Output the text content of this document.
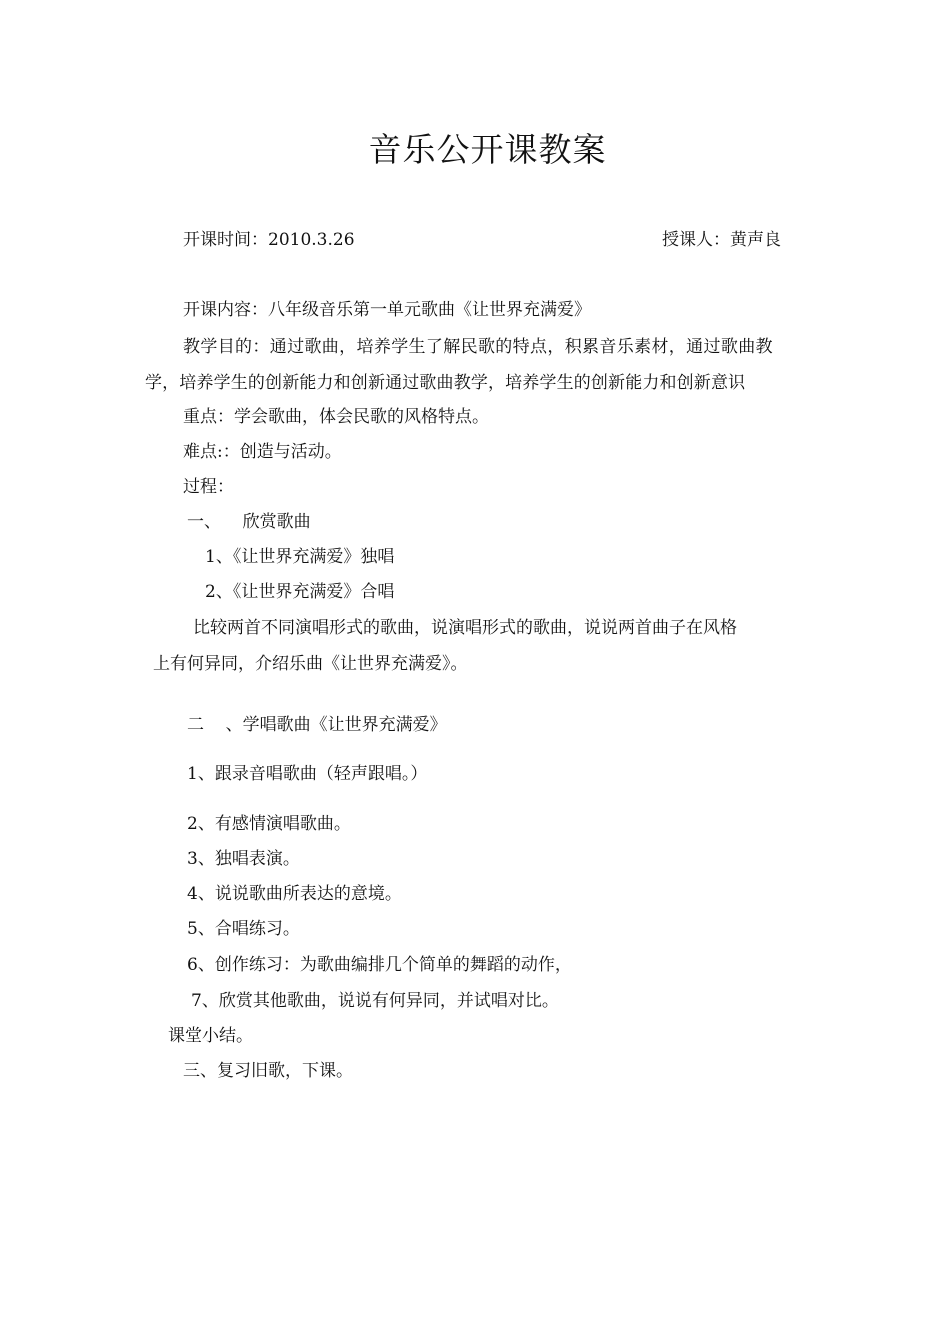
音乐公开课教案
开课时间：2010.3.26	授课人：黄声良
开课内容：八年级音乐第一单元歌曲《让世界充满爱》
教学目的：通过歌曲，培养学生了解民歌的特点，积累音乐素材，通过歌曲教
学，培养学生的创新能力和创新通过歌曲教学，培养学生的创新能力和创新意识
重点：学会歌曲，体会民歌的风格特点。
难点:：创造与活动。
过程：
一、    欣赏歌曲
1、《让世界充满爱》独唱
2、《让世界充满爱》合唱
比较两首不同演唱形式的歌曲，说演唱形式的歌曲，说说两首曲子在风格
上有何异同，介绍乐曲《让世界充满爱》。
二    、学唱歌曲《让世界充满爱》
1、跟录音唱歌曲（轻声跟唱。）
2、有感情演唱歌曲。
3、独唱表演。
4、说说歌曲所表达的意境。
5、合唱练习。
6、创作练习：为歌曲编排几个简单的舞蹈的动作，
7、欣赏其他歌曲，说说有何异同，并试唱对比。
课堂小结。
三、复习旧歌，下课。
